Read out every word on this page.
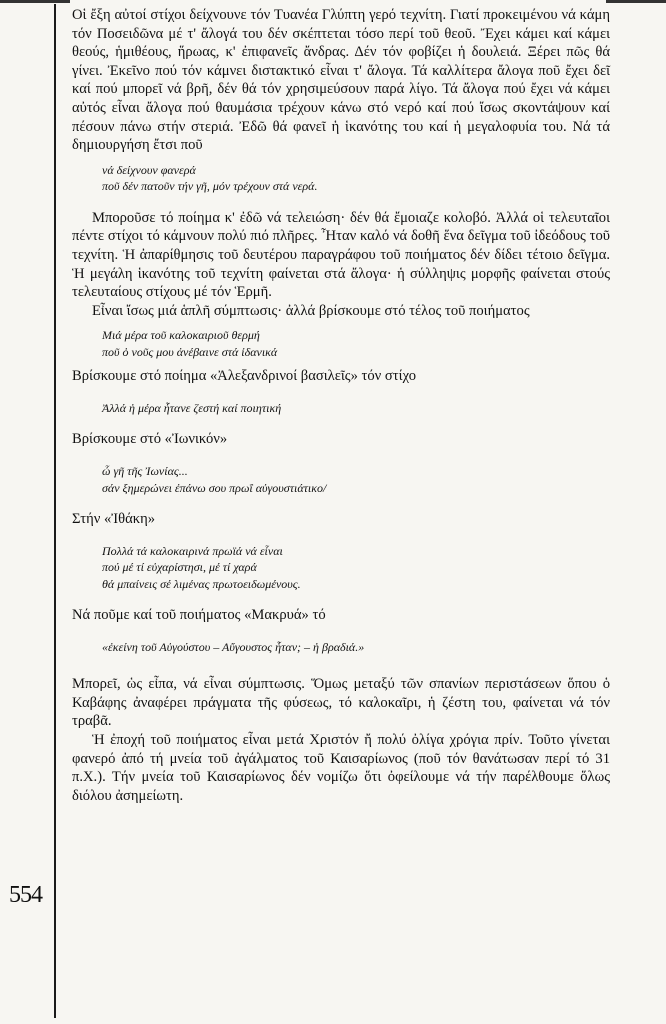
554

Οἱ ἔξη αὐτοί στίχοι δείχνουνε τόν Τυανέα Γλύπτη γερό τεχνίτη. Γιατί προκειμένου νά κάμη τόν Ποσειδῶνα μέ τ' ἄλογά του δέν σκέπτεται τόσο περί τοῦ θεοῦ. Ἔχει κάμει καί κάμει θεούς, ἡμιθέους, ἥρωας, κ' ἐπιφανεῖς ἄνδρας. Δέν τόν φοβίζει ἡ δουλειά. Ξέρει πῶς θά γίνει. Ἐκεῖνο πού τόν κάμνει διστακτικό εἶναι τ' ἄλογα. Τά καλλίτερα ἄλογα ποῦ ἔχει δεῖ καί πού μπορεῖ νά βρῆ, δέν θά τόν χρησιμεύσουν παρά λίγο. Τά ἄλογα πού ἔχει νά κάμει αὐτός εἶναι ἄλογα πού θαυμάσια τρέχουν κάνω στό νερό καί πού ἴσως σκοντάψουν καί πέσουν πάνω στήν στεριά. Ἐδῶ θά φανεῖ ἡ ἱκανότης του καί ἡ μεγαλοφυία του. Νά τά δημιουργήση ἔτσι ποῦ

νά δείχνουν φανερά
ποῦ δέν πατοῦν τήν γῆ, μόν τρέχουν στά νερά.

Μποροῦσε τό ποίημα κ' ἐδῶ νά τελειώση· δέν θά ἔμοιαζε κολοβό. Ἀλλά οἱ τελευταῖοι πέντε στίχοι τό κάμνουν πολύ πιό πλῆρες. Ἦταν καλό νά δοθῆ ἕνα δεῖγμα τοῦ ἰδεόδους τοῦ τεχνίτη. Ἡ ἀπαρίθμησις τοῦ δευτέρου παραγράφου τοῦ ποιήματος δέν δίδει τέτοιο δεῖγμα. Ἡ μεγάλη ἱκανότης τοῦ τεχνίτη φαίνεται στά ἄλογα· ἡ σύλληψις μορφῆς φαίνεται στούς τελευταίους στίχους μέ τόν Ἑρμῆ.

Εἶναι ἴσως μιά ἁπλῆ σύμπτωσις· ἀλλά βρίσκουμε στό τέλος τοῦ ποιήματος

Μιά μέρα τοῦ καλοκαιριοῦ θερμή
ποῦ ὁ νοῦς μου ἀνέβαινε στά ἰδανικά

Βρίσκουμε στό ποίημα «Ἀλεξανδρινοί βασιλεῖς» τόν στίχο

Ἀλλά ἡ μέρα ἦτανε ζεστή καί ποιητική

Βρίσκουμε στό «Ἰωνικόν»

ὦ γῆ τῆς Ἰωνίας...
σάν ξημερώνει ἐπάνω σου πρωΐ αὐγουστιάτικο/

Στήν «Ἰθάκη»

Πολλά τά καλοκαιρινά πρωϊά νά εἶναι
πού μέ τί εὐχαρίστησι, μέ τί χαρά
θά μπαίνεις σέ λιμένας πρωτοειδωμένους.

Νά ποῦμε καί τοῦ ποιήματος «Μακρυά» τό

«ἐκείνη τοῦ Αὐγούστου – Αὔγουστος ἦταν; – ἡ βραδιά.»

Μπορεῖ, ὡς εἶπα, νά εἶναι σύμπτωσις. Ὅμως μεταξύ τῶν σπανίων περιστάσεων ὅπου ὁ Καβάφης ἀναφέρει πράγματα τῆς φύσεως, τό καλοκαῖρι, ἡ ζέστη του, φαίνεται νά τόν τραβᾶ.

Ἡ ἐποχή τοῦ ποιήματος εἶναι μετά Χριστόν ἤ πολύ ὀλίγα χρόγια πρίν. Τοῦτο γίνεται φανερό ἀπό τή μνεία τοῦ ἀγάλματος τοῦ Καισαρίωνος (ποῦ τόν θανάτωσαν περί τό 31 π.Χ.). Τήν μνεία τοῦ Καισαρίωνος δέν νομίζω ὅτι ὀφείλουμε νά τήν παρέλθουμε ὅλως διόλου ἀσημείωτη.
